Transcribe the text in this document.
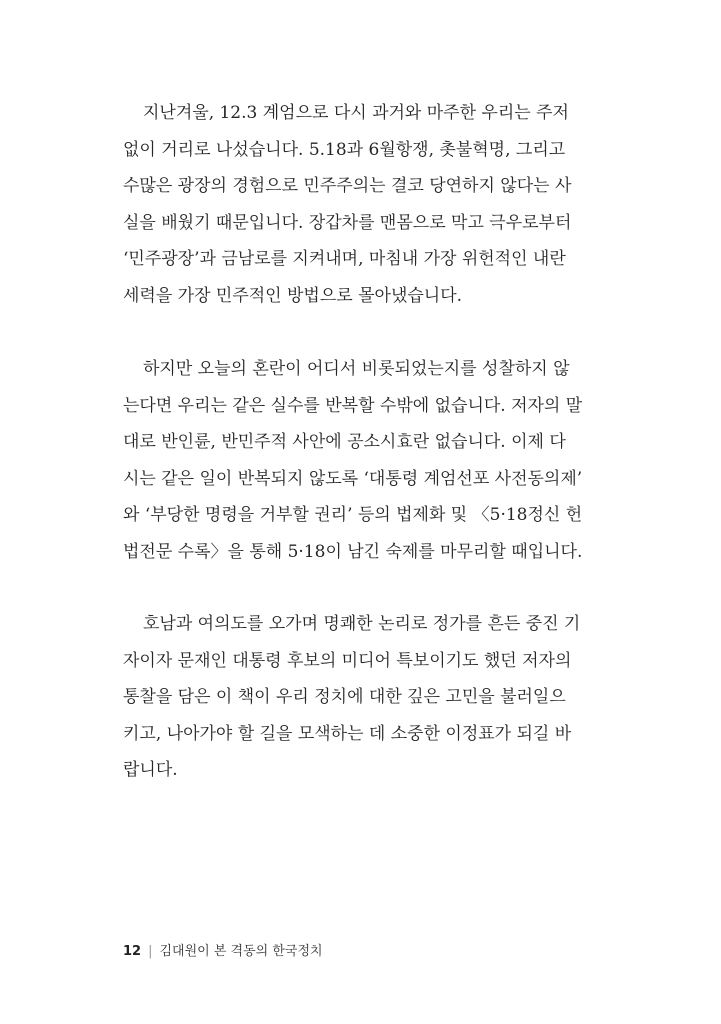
지난겨울, 12.3 계엄으로 다시 과거와 마주한 우리는 주저
없이 거리로 나섰습니다. 5.18과 6월항쟁, 촛불혁명, 그리고
수많은 광장의 경험으로 민주주의는 결코 당연하지 않다는 사
실을 배웠기 때문입니다. 장갑차를 맨몸으로 막고 극우로부터
‘민주광장’과 금남로를 지켜내며, 마침내 가장 위헌적인 내란
세력을 가장 민주적인 방법으로 몰아냈습니다.

하지만 오늘의 혼란이 어디서 비롯되었는지를 성찰하지 않
는다면 우리는 같은 실수를 반복할 수밖에 없습니다. 저자의 말
대로 반인륜, 반민주적 사안에 공소시효란 없습니다. 이제 다
시는 같은 일이 반복되지 않도록 ‘대통령 계엄선포 사전동의제’
와 ‘부당한 명령을 거부할 권리’ 등의 법제화 및 〈5·18정신 헌
법전문 수록〉을 통해 5·18이 남긴 숙제를 마무리할 때입니다.

호남과 여의도를 오가며 명쾌한 논리로 정가를 흔든 중진 기
자이자 문재인 대통령 후보의 미디어 특보이기도 했던 저자의
통찰을 담은 이 책이 우리 정치에 대한 깊은 고민을 불러일으
키고, 나아가야 할 길을 모색하는 데 소중한 이정표가 되길 바
랍니다.

12 | 김대원이 본 격동의 한국정치
